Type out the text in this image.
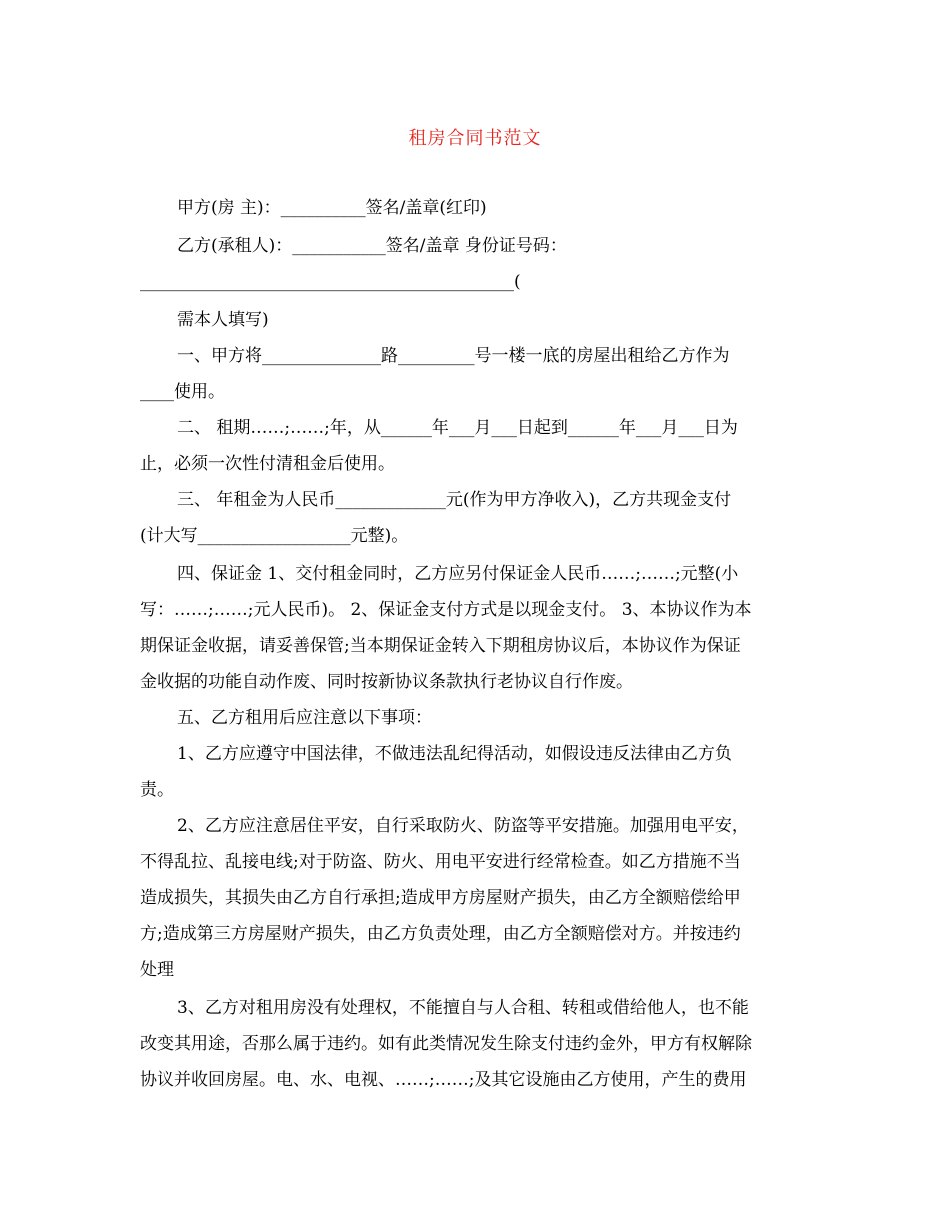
租房合同书范文
甲方(房 主)：__________签名/盖章(红印)
乙方(承租人)：___________签名/盖章 身份证号码：
____________________________________________(
需本人填写)
一、甲方将______________路_________号一楼一底的房屋出租给乙方作为
____使用。
二、 租期……;……;年，从______年___月___日起到______年___月___日为
止，必须一次性付清租金后使用。
三、 年租金为人民币_____________元(作为甲方净收入)，乙方共现金支付
(计大写__________________元整)。
四、保证金 1、交付租金同时，乙方应另付保证金人民币……;……;元整(小
写：……;……;元人民币)。 2、保证金支付方式是以现金支付。 3、本协议作为本
期保证金收据，请妥善保管;当本期保证金转入下期租房协议后，本协议作为保证
金收据的功能自动作废、同时按新协议条款执行老协议自行作废。
五、乙方租用后应注意以下事项：
1、乙方应遵守中国法律，不做违法乱纪得活动，如假设违反法律由乙方负
责。
2、乙方应注意居住平安，自行采取防火、防盗等平安措施。加强用电平安，
不得乱拉、乱接电线;对于防盗、防火、用电平安进行经常检查。如乙方措施不当
造成损失，其损失由乙方自行承担;造成甲方房屋财产损失，由乙方全额赔偿给甲
方;造成第三方房屋财产损失，由乙方负责处理，由乙方全额赔偿对方。并按违约
处理
3、乙方对租用房没有处理权，不能擅自与人合租、转租或借给他人，也不能
改变其用途，否那么属于违约。如有此类情况发生除支付违约金外，甲方有权解除
协议并收回房屋。电、水、电视、……;……;及其它设施由乙方使用，产生的费用
